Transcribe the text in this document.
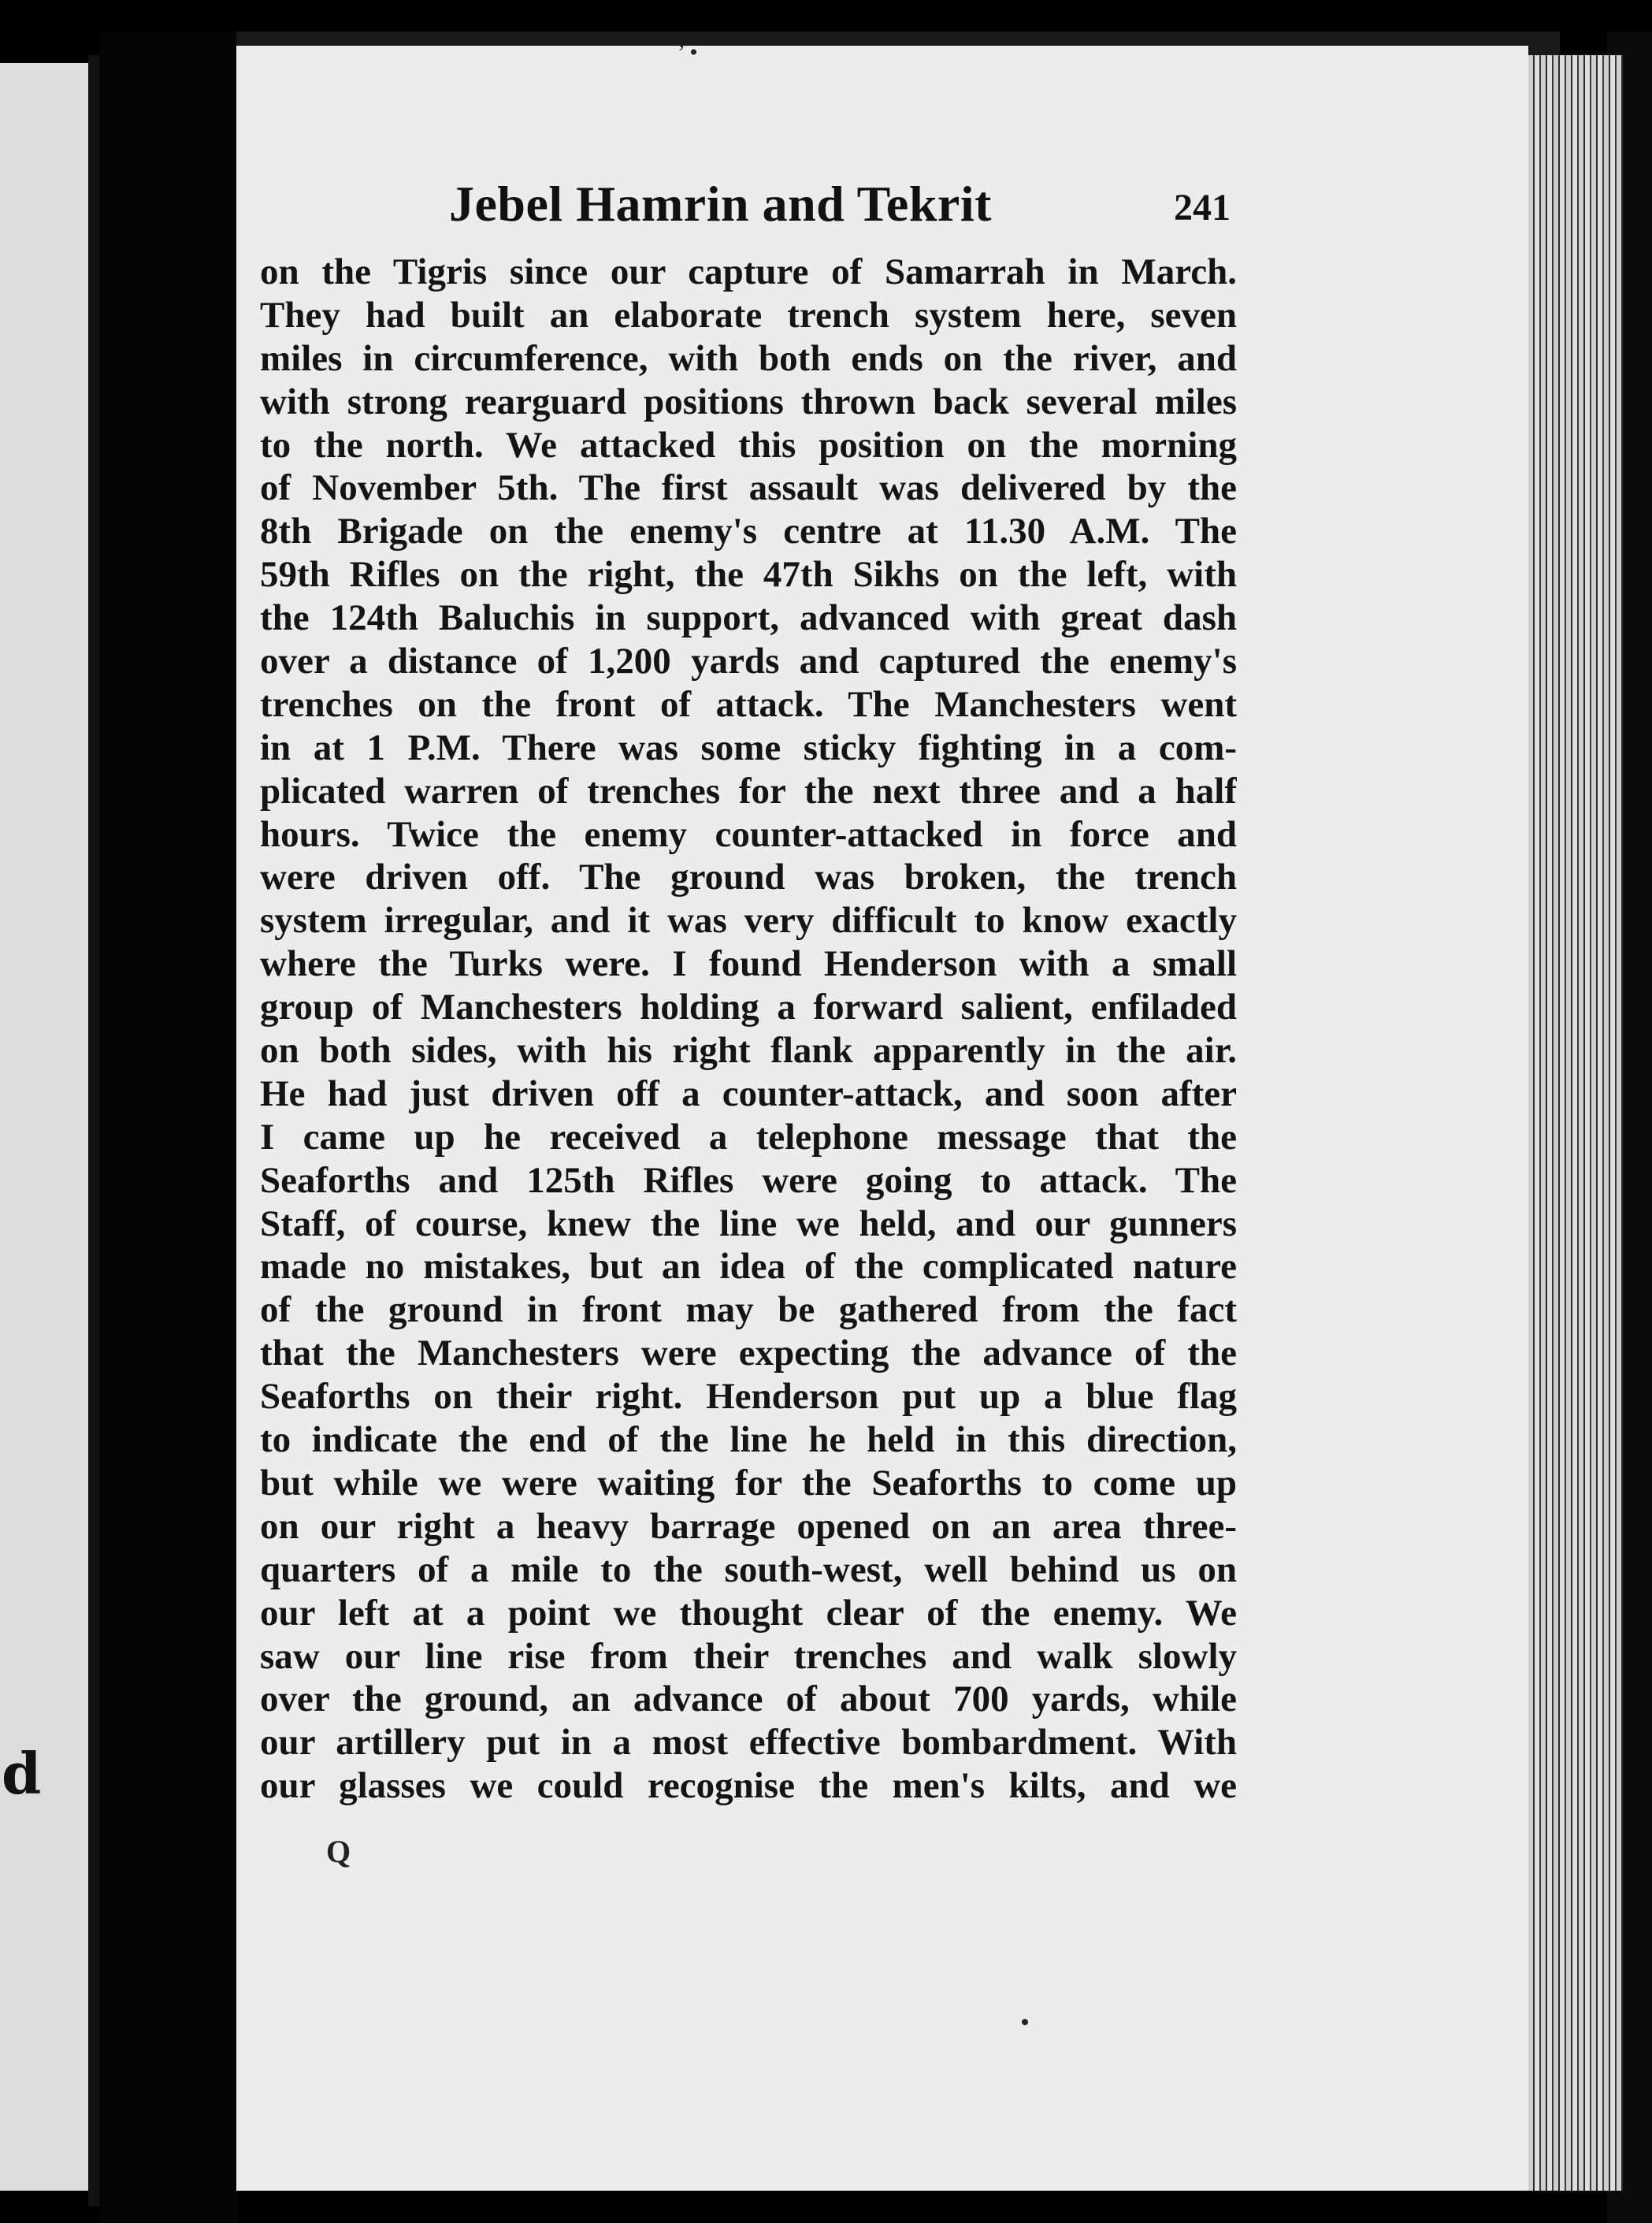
d
’ •
Jebel Hamrin and Tekrit	241
on the Tigris since our capture of Samarrah in March.
They had built an elaborate trench system here, seven
miles in circumference, with both ends on the river, and
with strong rearguard positions thrown back several miles
to the north. We attacked this position on the morning
of November 5th. The first assault was delivered by the
8th Brigade on the enemy's centre at 11.30 A.M. The
59th Rifles on the right, the 47th Sikhs on the left, with
the 124th Baluchis in support, advanced with great dash
over a distance of 1,200 yards and captured the enemy's
trenches on the front of attack. The Manchesters went
in at 1 P.M. There was some sticky fighting in a com-
plicated warren of trenches for the next three and a half
hours. Twice the enemy counter-attacked in force and
were driven off. The ground was broken, the trench
system irregular, and it was very difficult to know exactly
where the Turks were. I found Henderson with a small
group of Manchesters holding a forward salient, enfiladed
on both sides, with his right flank apparently in the air.
He had just driven off a counter-attack, and soon after
I came up he received a telephone message that the
Seaforths and 125th Rifles were going to attack. The
Staff, of course, knew the line we held, and our gunners
made no mistakes, but an idea of the complicated nature
of the ground in front may be gathered from the fact
that the Manchesters were expecting the advance of the
Seaforths on their right. Henderson put up a blue flag
to indicate the end of the line he held in this direction,
but while we were waiting for the Seaforths to come up
on our right a heavy barrage opened on an area three-
quarters of a mile to the south-west, well behind us on
our left at a point we thought clear of the enemy. We
saw our line rise from their trenches and walk slowly
over the ground, an advance of about 700 yards, while
our artillery put in a most effective bombardment. With
our glasses we could recognise the men's kilts, and we
Q
